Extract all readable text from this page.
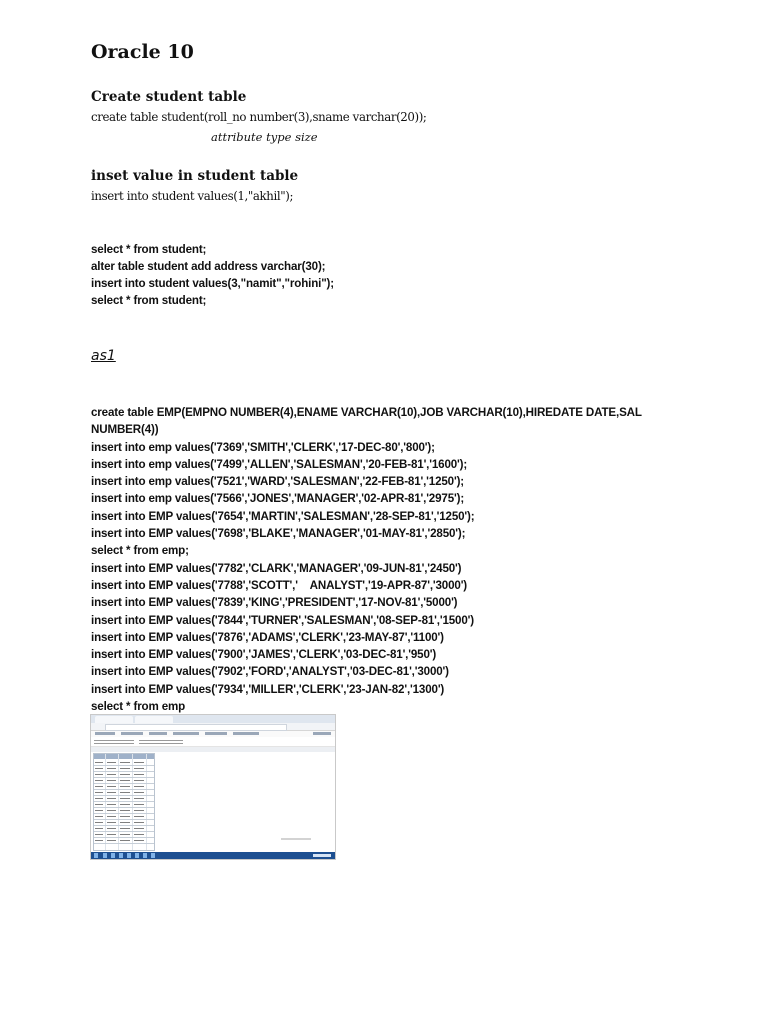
Oracle 10
Create student table
create table student(roll_no number(3),sname varchar(20));
attribute type size
inset value in student table
insert into student values(1,"akhil");
select * from student;
alter table student add address varchar(30);
insert into student values(3,"namit","rohini");
select * from student;
as1
create table EMP(EMPNO NUMBER(4),ENAME VARCHAR(10),JOB VARCHAR(10),HIREDATE DATE,SAL NUMBER(4))
insert into emp values('7369','SMITH','CLERK','17-DEC-80','800');
insert into emp values('7499','ALLEN','SALESMAN','20-FEB-81','1600');
insert into emp values('7521','WARD','SALESMAN','22-FEB-81','1250');
insert into emp values('7566','JONES','MANAGER','02-APR-81','2975');
insert into EMP values('7654','MARTIN','SALESMAN','28-SEP-81','1250');
insert into EMP values('7698','BLAKE','MANAGER','01-MAY-81','2850');
select * from emp;
insert into EMP values('7782','CLARK','MANAGER','09-JUN-81','2450')
insert into EMP values('7788','SCOTT','    ANALYST','19-APR-87','3000')
insert into EMP values('7839','KING','PRESIDENT','17-NOV-81','5000')
insert into EMP values('7844','TURNER','SALESMAN','08-SEP-81','1500')
insert into EMP values('7876','ADAMS','CLERK','23-MAY-87','1100')
insert into EMP values('7900','JAMES','CLERK','03-DEC-81','950')
insert into EMP values('7902','FORD','ANALYST','03-DEC-81','3000')
insert into EMP values('7934','MILLER','CLERK','23-JAN-82','1300')
select * from emp
